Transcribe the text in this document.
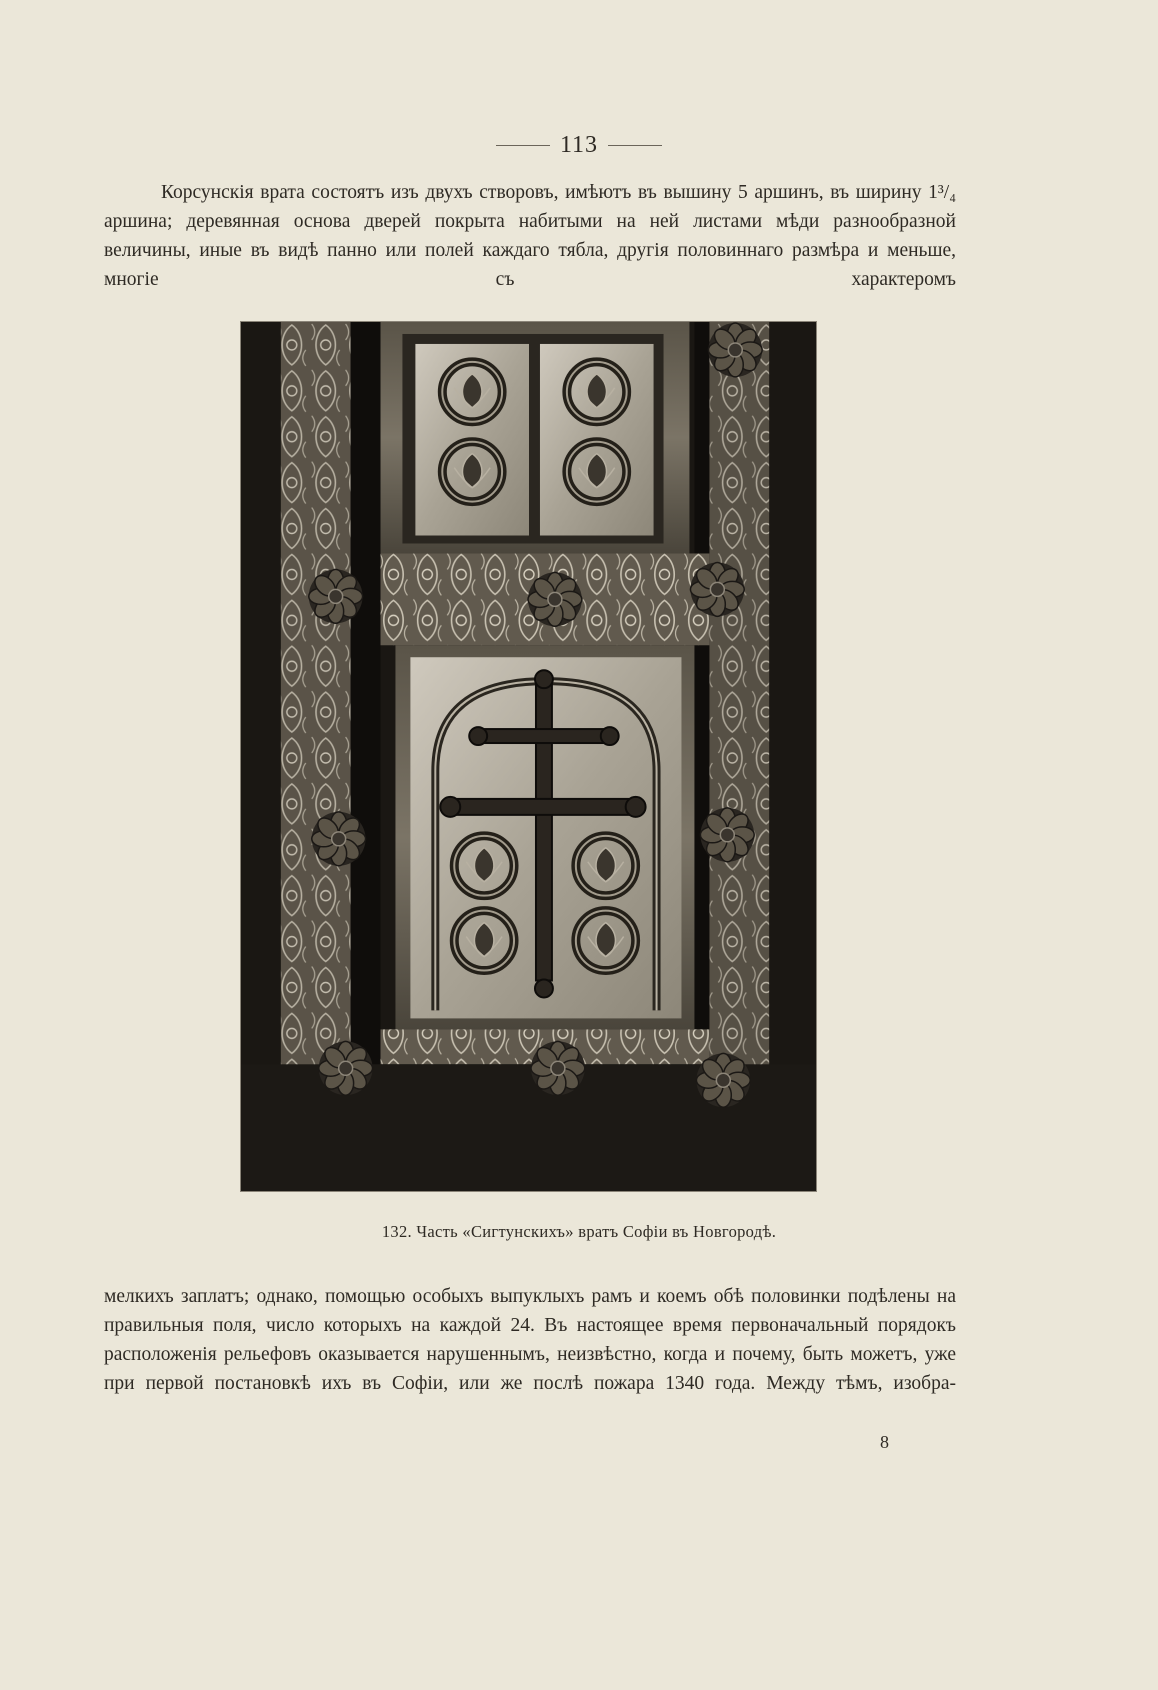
113

Корсунскія врата состоятъ изъ двухъ створовъ, имѣютъ въ вышину 5 аршинъ, въ ширину 1³/₄ аршина; деревянная основа дверей покрыта набитыми на ней листами мѣди разнообразной величины, иные въ видѣ панно или полей каждаго тябла, другія половиннаго размѣра и меньше, многіе съ характеромъ

132. Часть «Сигтунскихъ» вратъ Софіи въ Новгородѣ.

мелкихъ заплатъ; однако, помощью особыхъ выпуклыхъ рамъ и коемъ обѣ половинки подѣлены на правильныя поля, число которыхъ на каждой 24. Въ настоящее время первоначальный порядокъ расположенія рельефовъ оказывается нарушеннымъ, неизвѣстно, когда и почему, быть можетъ, уже при первой постановкѣ ихъ въ Софіи, или же послѣ пожара 1340 года. Между тѣмъ, изобра-

8
